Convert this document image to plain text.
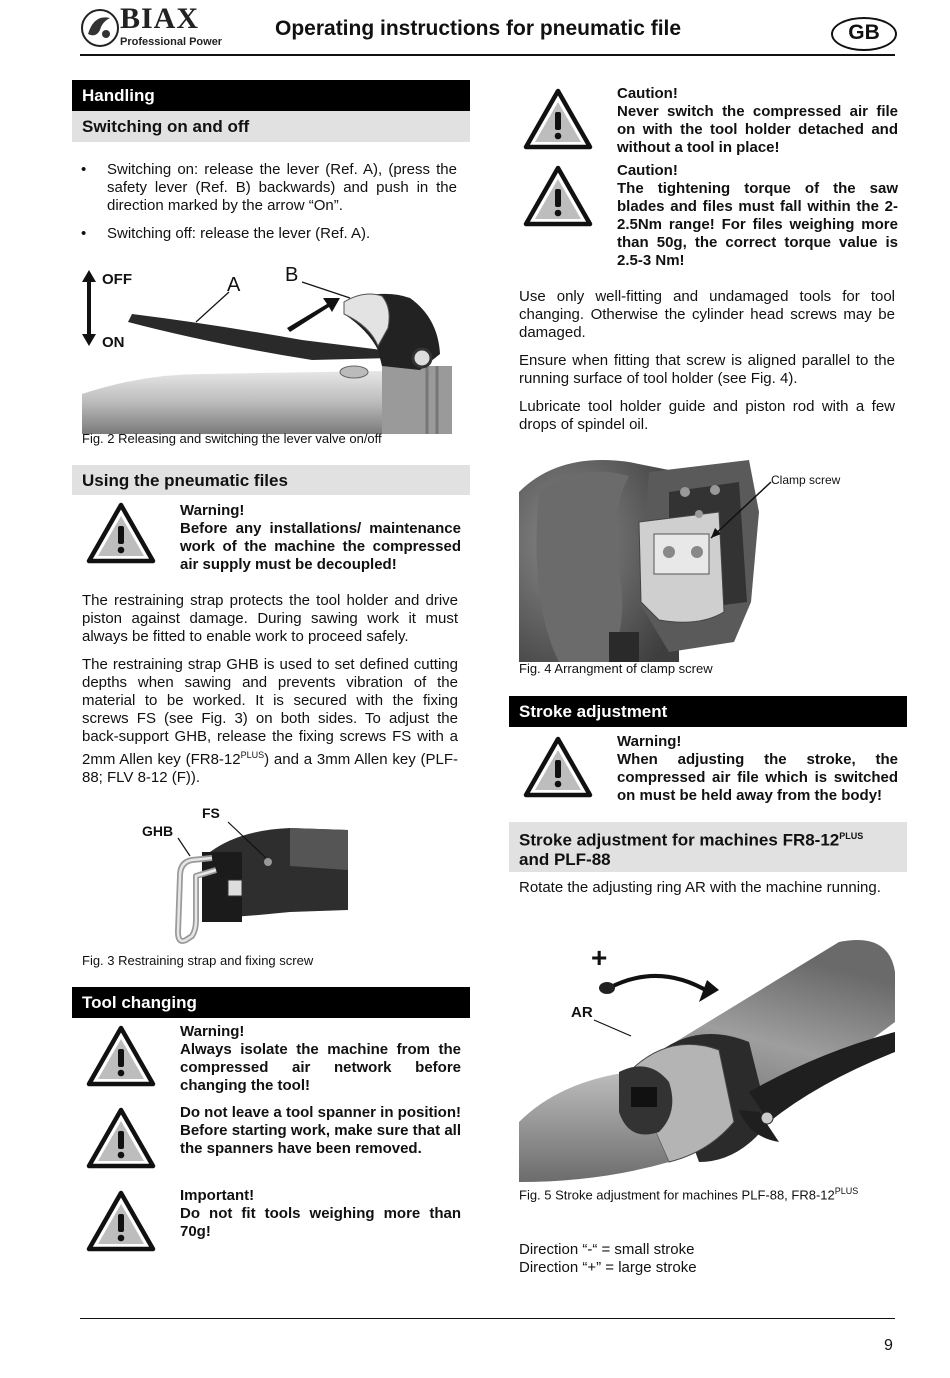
BIAX
Professional Power
Operating instructions for pneumatic file	GB
Handling
Switching on and off
• Switching on: release the lever (Ref. A), (press the safety lever (Ref. B) backwards) and push in the direction marked by the arrow “On”.
• Switching off: release the lever (Ref. A).
OFF
ON
A B
Fig. 2 Releasing and switching the lever valve on/off
Using the pneumatic files
Warning!
Before any installations/ maintenance work of the machine the compressed air supply must be decoupled!
The restraining strap protects the tool holder and drive piston against damage. During sawing work it must always be fitted to enable work to proceed safely.
The restraining strap GHB is used to set defined cutting depths when sawing and prevents vibration of the material to be worked. It is secured with the fixing screws FS (see Fig. 3) on both sides. To adjust the back-support GHB, release the fixing screws FS with a 2mm Allen key $(FR8-12^{PLUS})$ and a 3mm Allen key (PLF-88; FLV 8-12 (F)).
FS
GHB
Fig. 3 Restraining strap and fixing screw
Tool changing
Warning!
Always isolate the machine from the compressed air network before changing the tool!
Do not leave a tool spanner in position! Before starting work, make sure that all the spanners have been removed.
Important!
Do not fit tools weighing more than 70g!
Caution!
Never switch the compressed air file on with the tool holder detached and without a tool in place!
Caution!
The tightening torque of the saw blades and files must fall within the 2-2.5Nm range! For files weighing more than 50g, the correct torque value is 2.5-3 Nm!
Use only well-fitting and undamaged tools for tool changing. Otherwise the cylinder head screws may be damaged.
Ensure when fitting that screw is aligned parallel to the running surface of tool holder (see Fig. 4).
Lubricate tool holder guide and piston rod with a few drops of spindel oil.
Clamp screw
Fig. 4 Arrangment of clamp screw
Stroke adjustment
Warning!
When adjusting the stroke, the compressed air file which is switched on must be held away from the body!
Stroke adjustment for machines $FR8-12^{PLUS}$
and PLF-88
Rotate the adjusting ring AR with the machine running.
+
-
AR
Fig. 5 Stroke adjustment for machines PLF-88, $FR8-12^{PLUS}$
Direction “-“ = small stroke
Direction “+” = large stroke
9
